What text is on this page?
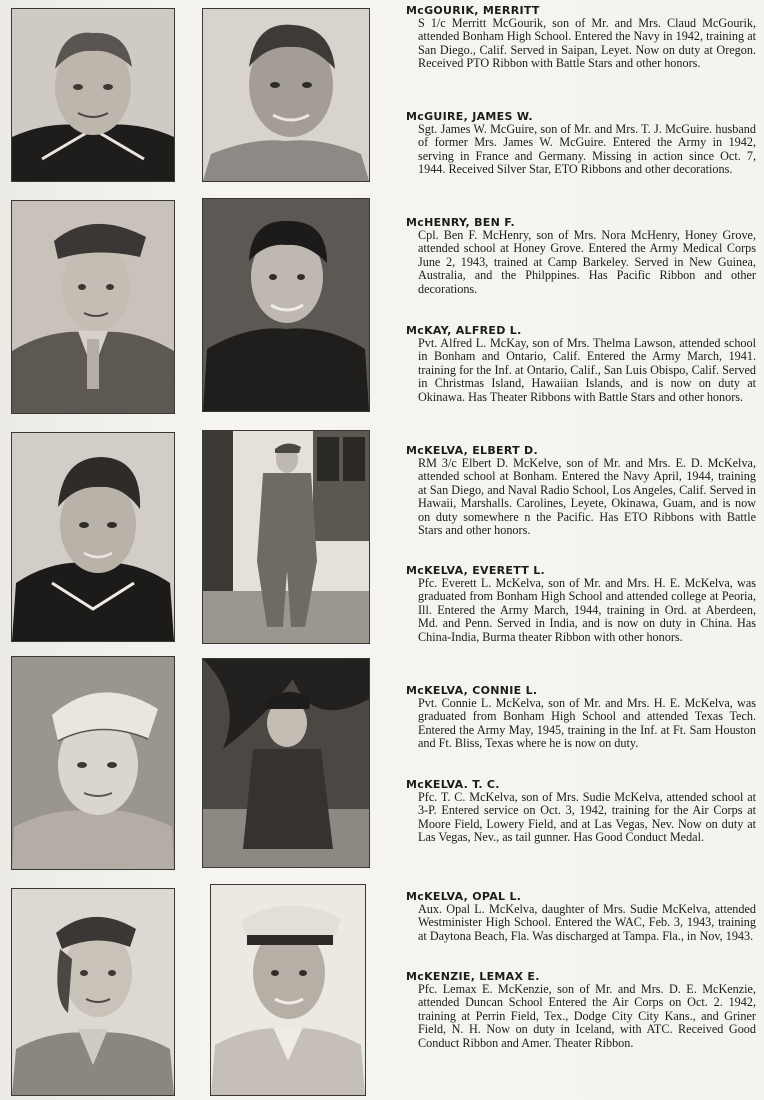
McGOURIK, MERRITT
S 1/c Merritt McGourik, son of Mr. and Mrs. Claud McGourik, attended Bonham High School. Entered the Navy in 1942, training at San Diego., Calif. Served in Saipan, Leyet. Now on duty at Oregon. Received PTO Ribbon with Battle Stars and other honors.
McGUIRE, JAMES W.
Sgt. James W. McGuire, son of Mr. and Mrs. T. J. McGuire. husband of former Mrs. James W. McGuire. Entered the Army in 1942, serving in France and Germany. Missing in action since Oct. 7, 1944. Received Silver Star, ETO Ribbons and other decorations.
McHENRY, BEN F.
Cpl. Ben F. McHenry, son of Mrs. Nora McHenry, Honey Grove, attended school at Honey Grove. Entered the Army Medical Corps June 2, 1943, trained at Camp Barkeley. Served in New Guinea, Australia, and the Philppines. Has Pacific Ribbon and other decorations.
McKAY, ALFRED L.
Pvt. Alfred L. McKay, son of Mrs. Thelma Lawson, attended school in Bonham and Ontario, Calif. Entered the Army March, 1941. training for the Inf. at Ontario, Calif., San Luis Obispo, Calif. Served in Christmas Island, Hawaiian Islands, and is now on duty at Okinawa. Has Theater Ribbons with Battle Stars and other honors.
McKELVA, ELBERT D.
RM 3/c Elbert D. McKelve, son of Mr. and Mrs. E. D. McKelva, attended school at Bonham. Entered the Navy April, 1944, training at San Diego, and Naval Radio School, Los Angeles, Calif. Served in Hawaii, Marshalls. Carolines, Leyete, Okinawa, Guam, and is now on duty somewhere n the Pacific. Has ETO Ribbons with Battle Stars and other honors.
McKELVA, EVERETT L.
Pfc. Everett L. McKelva, son of Mr. and Mrs. H. E. McKelva, was graduated from Bonham High School and attended college at Peoria, Ill. Entered the Army March, 1944, training in Ord. at Aberdeen, Md. and Penn. Served in India, and is now on duty in China. Has China-India, Burma theater Ribbon with other honors.
McKELVA, CONNIE L.
Pvt. Connie L. McKelva, son of Mr. and Mrs. H. E. McKelva, was graduated from Bonham High School and attended Texas Tech. Entered the Army May, 1945, training in the Inf. at Ft. Sam Houston and Ft. Bliss, Texas where he is now on duty.
McKELVA. T. C.
Pfc. T. C. McKelva, son of Mrs. Sudie McKelva, attended school at 3-P. Entered service on Oct. 3, 1942, training for the Air Corps at Moore Field, Lowery Field, and at Las Vegas, Nev. Now on duty at Las Vegas, Nev., as tail gunner. Has Good Conduct Medal.
McKELVA, OPAL L.
Aux. Opal L. McKelva, daughter of Mrs. Sudie McKelva, attended Westminister High School. Entered the WAC, Feb. 3, 1943, training at Daytona Beach, Fla. Was discharged at Tampa. Fla., in Nov, 1943.
McKENZIE, LEMAX E.
Pfc. Lemax E. McKenzie, son of Mr. and Mrs. D. E. McKenzie, attended Duncan School Entered the Air Corps on Oct. 2. 1942, training at Perrin Field, Tex., Dodge City City Kans., and Griner Field, N. H. Now on duty in Iceland, with ATC. Received Good Conduct Ribbon and Amer. Theater Ribbon.
